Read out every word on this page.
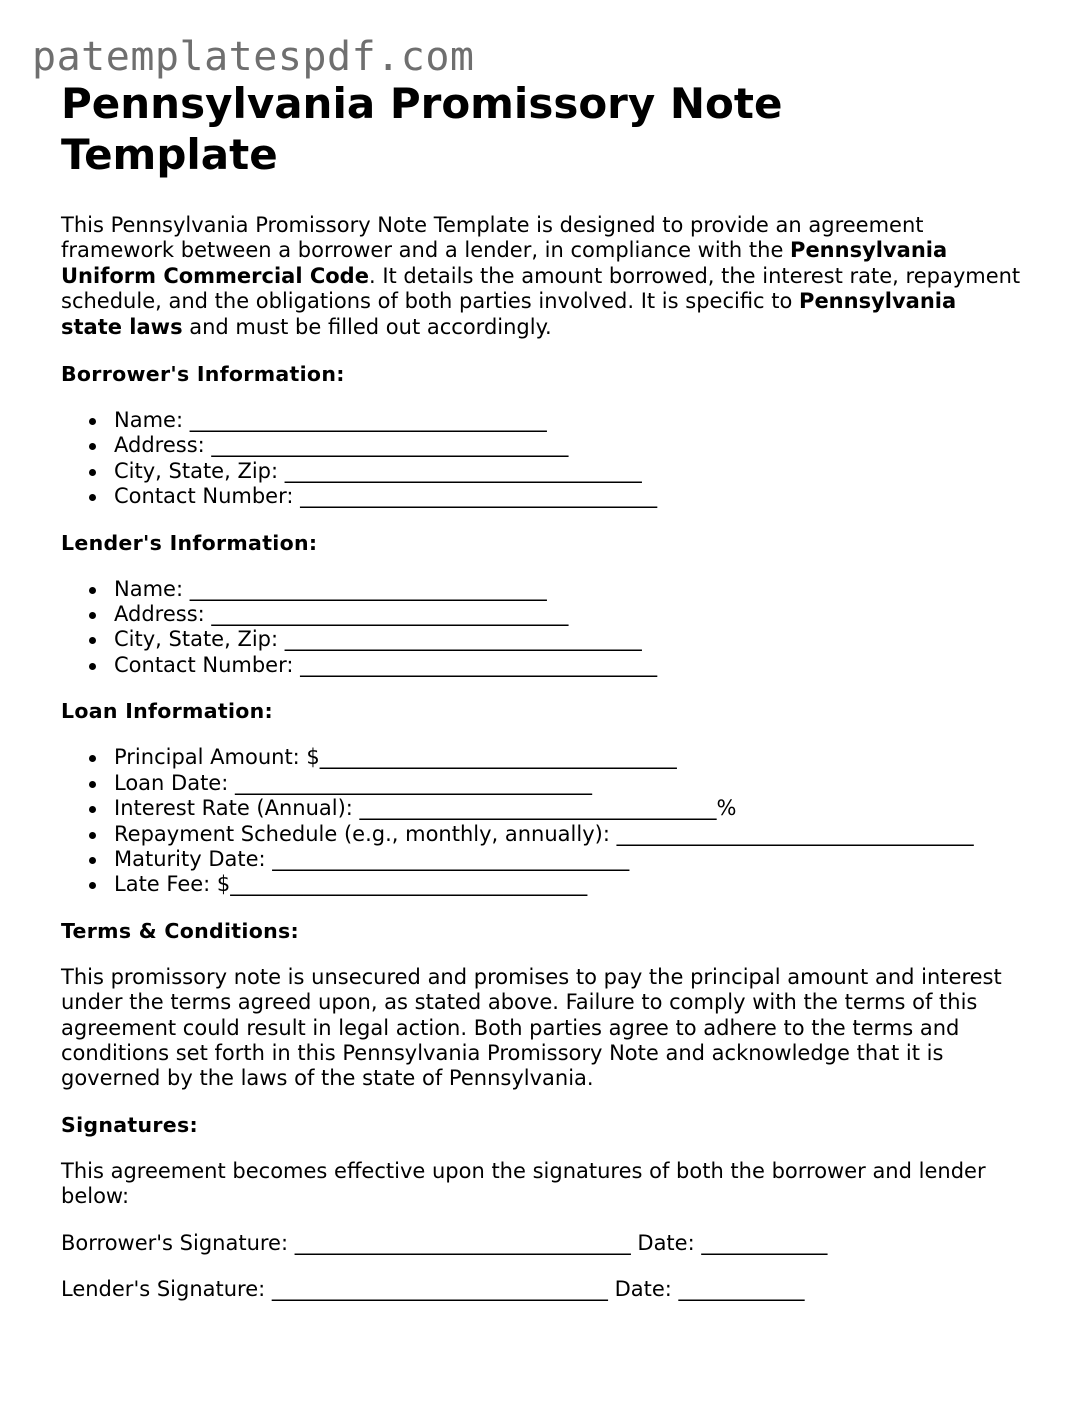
patemplatespdf.com
Pennsylvania Promissory Note Template

This Pennsylvania Promissory Note Template is designed to provide an agreement framework between a borrower and a lender, in compliance with the Pennsylvania Uniform Commercial Code. It details the amount borrowed, the interest rate, repayment schedule, and the obligations of both parties involved. It is specific to Pennsylvania state laws and must be filled out accordingly.

Borrower's Information:
Name: __________________________________
Address: __________________________________
City, State, Zip: __________________________________
Contact Number: __________________________________
Lender's Information:
Name: __________________________________
Address: __________________________________
City, State, Zip: __________________________________
Contact Number: __________________________________
Loan Information:
Principal Amount: $__________________________________
Loan Date: __________________________________
Interest Rate (Annual): __________________________________%
Repayment Schedule (e.g., monthly, annually): __________________________________
Maturity Date: __________________________________
Late Fee: $__________________________________
Terms & Conditions:

This promissory note is unsecured and promises to pay the principal amount and interest under the terms agreed upon, as stated above. Failure to comply with the terms of this agreement could result in legal action. Both parties agree to adhere to the terms and conditions set forth in this Pennsylvania Promissory Note and acknowledge that it is governed by the laws of the state of Pennsylvania.

Signatures:

This agreement becomes effective upon the signatures of both the borrower and lender below:

Borrower's Signature: ________________________________ Date: ____________

Lender's Signature: ________________________________ Date: ____________
